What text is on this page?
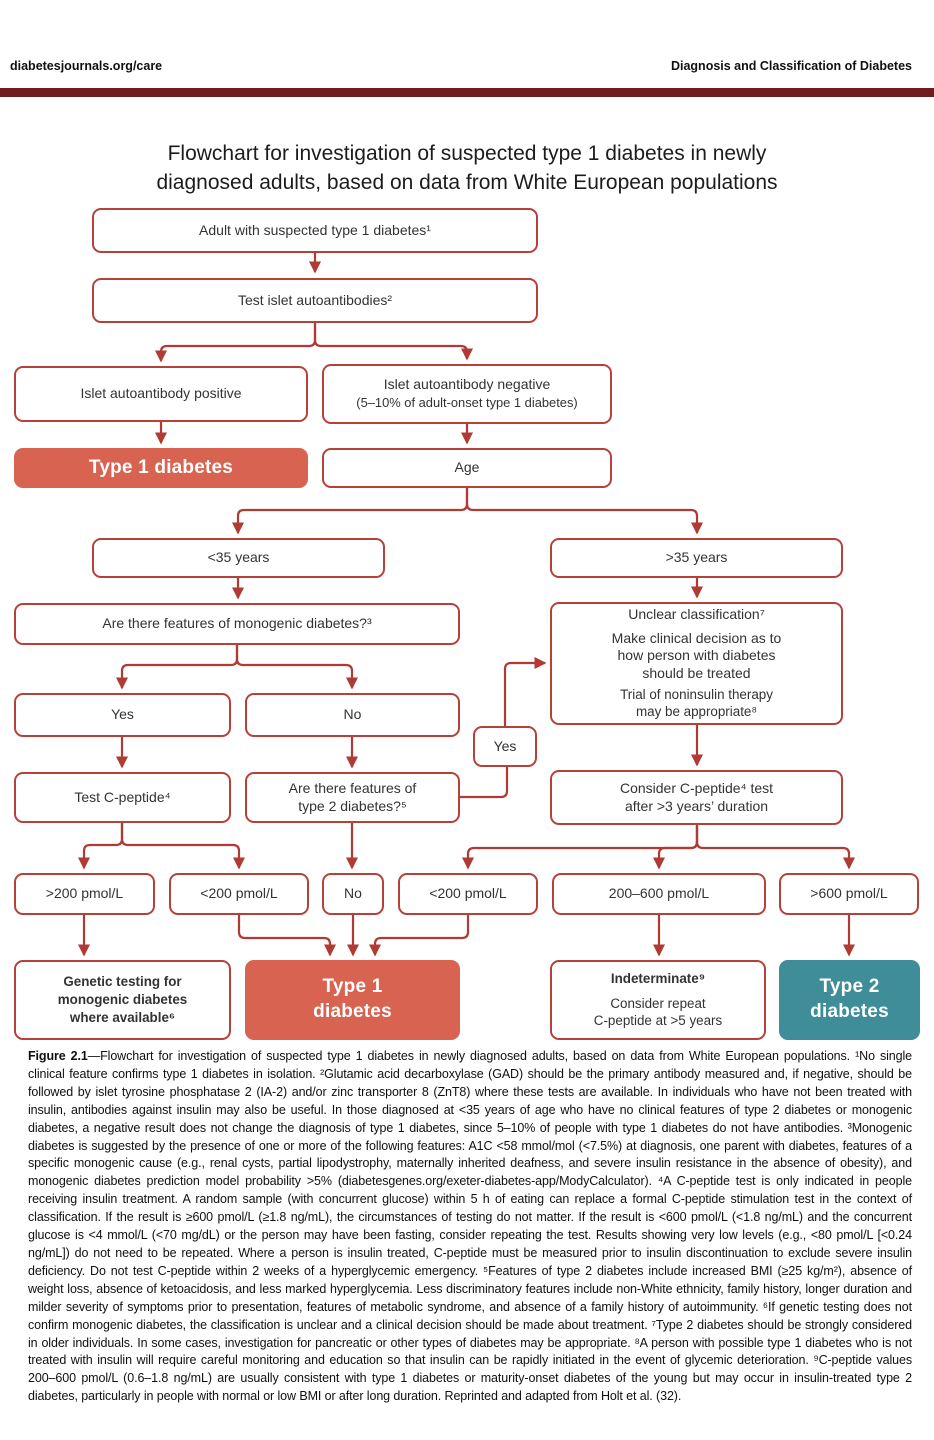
diabetesjournals.org/care	Diagnosis and Classification of Diabetes
Flowchart for investigation of suspected type 1 diabetes in newly
diagnosed adults, based on data from White European populations
Adult with suspected type 1 diabetes¹
Test islet autoantibodies²
Islet autoantibody positive
Islet autoantibody negative
(5–10% of adult-onset type 1 diabetes)
Type 1 diabetes	Age
<35 years	>35 years
Are there features of monogenic diabetes?³
Unclear classification⁷
Make clinical decision as to
how person with diabetes
should be treated
Trial of noninsulin therapy
may be appropriate⁸
Yes	No
Yes
Test C-peptide⁴
Are there features of
type 2 diabetes?⁵
Consider C-peptide⁴ test
after >3 years’ duration
>200 pmol/L	<200 pmol/L	No	<200 pmol/L	200–600 pmol/L	>600 pmol/L
Genetic testing for
monogenic diabetes
where available⁶
Type 1
diabetes
Indeterminate⁹
Consider repeat
C-peptide at >5 years
Type 2
diabetes

Figure 2.1—Flowchart for investigation of suspected type 1 diabetes in newly diagnosed adults, based on data from White European populations. ¹No single clinical feature confirms type 1 diabetes in isolation. ²Glutamic acid decarboxylase (GAD) should be the primary antibody measured and, if negative, should be followed by islet tyrosine phosphatase 2 (IA-2) and/or zinc transporter 8 (ZnT8) where these tests are available. In individuals who have not been treated with insulin, antibodies against insulin may also be useful. In those diagnosed at <35 years of age who have no clinical features of type 2 diabetes or monogenic diabetes, a negative result does not change the diagnosis of type 1 diabetes, since 5–10% of people with type 1 diabetes do not have antibodies. ³Monogenic diabetes is suggested by the presence of one or more of the following features: A1C <58 mmol/mol (<7.5%) at diagnosis, one parent with diabetes, features of a specific monogenic cause (e.g., renal cysts, partial lipodystrophy, maternally inherited deafness, and severe insulin resistance in the absence of obesity), and monogenic diabetes prediction model probability >5% (diabetesgenes.org/exeter-diabetes-app/ModyCalculator). ⁴A C-peptide test is only indicated in people receiving insulin treatment. A random sample (with concurrent glucose) within 5 h of eating can replace a formal C-peptide stimulation test in the context of classification. If the result is ≥600 pmol/L (≥1.8 ng/mL), the circumstances of testing do not matter. If the result is <600 pmol/L (<1.8 ng/mL) and the concurrent glucose is <4 mmol/L (<70 mg/dL) or the person may have been fasting, consider repeating the test. Results showing very low levels (e.g., <80 pmol/L [<0.24 ng/mL]) do not need to be repeated. Where a person is insulin treated, C-peptide must be measured prior to insulin discontinuation to exclude severe insulin deficiency. Do not test C-peptide within 2 weeks of a hyperglycemic emergency. ⁵Features of type 2 diabetes include increased BMI (≥25 kg/m²), absence of weight loss, absence of ketoacidosis, and less marked hyperglycemia. Less discriminatory features include non-White ethnicity, family history, longer duration and milder severity of symptoms prior to presentation, features of metabolic syndrome, and absence of a family history of autoimmunity. ⁶If genetic testing does not confirm monogenic diabetes, the classification is unclear and a clinical decision should be made about treatment. ⁷Type 2 diabetes should be strongly considered in older individuals. In some cases, investigation for pancreatic or other types of diabetes may be appropriate. ⁸A person with possible type 1 diabetes who is not treated with insulin will require careful monitoring and education so that insulin can be rapidly initiated in the event of glycemic deterioration. ⁹C-peptide values 200–600 pmol/L (0.6–1.8 ng/mL) are usually consistent with type 1 diabetes or maturity-onset diabetes of the young but may occur in insulin-treated type 2 diabetes, particularly in people with normal or low BMI or after long duration. Reprinted and adapted from Holt et al. (32).
